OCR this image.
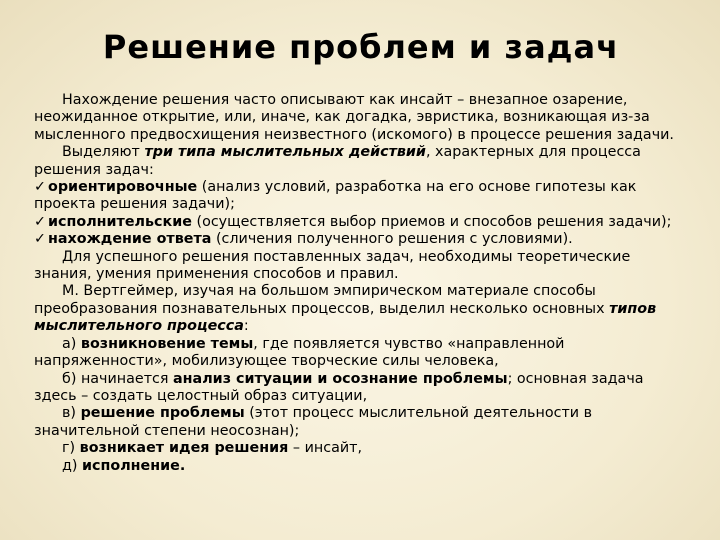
Решение проблем и задач

Нахождение решения часто описывают как инсайт – внезапное озарение, неожиданное открытие, или, иначе, как догадка, эвристика, возникающая из-за мысленного предвосхищения неизвестного (искомого) в процессе решения задачи.

Выделяют три типа мыслительных действий, характерных для процесса решения задач:

✓ ориентировочные (анализ условий, разработка на его основе гипотезы как проекта решения задачи);

✓ исполнительские (осуществляется выбор приемов и способов решения задачи);

✓ нахождение ответа (сличения полученного решения с условиями).

Для успешного решения поставленных задач, необходимы теоретические знания, умения применения способов и правил.

М. Вертгеймер, изучая на большом эмпирическом материале способы преобразования познавательных процессов, выделил несколько основных типов мыслительного процесса:

а) возникновение темы, где появляется чувство «направленной напряженности», мобилизующее творческие силы человека,

б) начинается анализ ситуации и осознание проблемы; основная задача здесь – создать целостный образ ситуации,

в) решение проблемы (этот процесс мыслительной деятельности в значительной степени неосознан);

г) возникает идея решения – инсайт,

д) исполнение.
